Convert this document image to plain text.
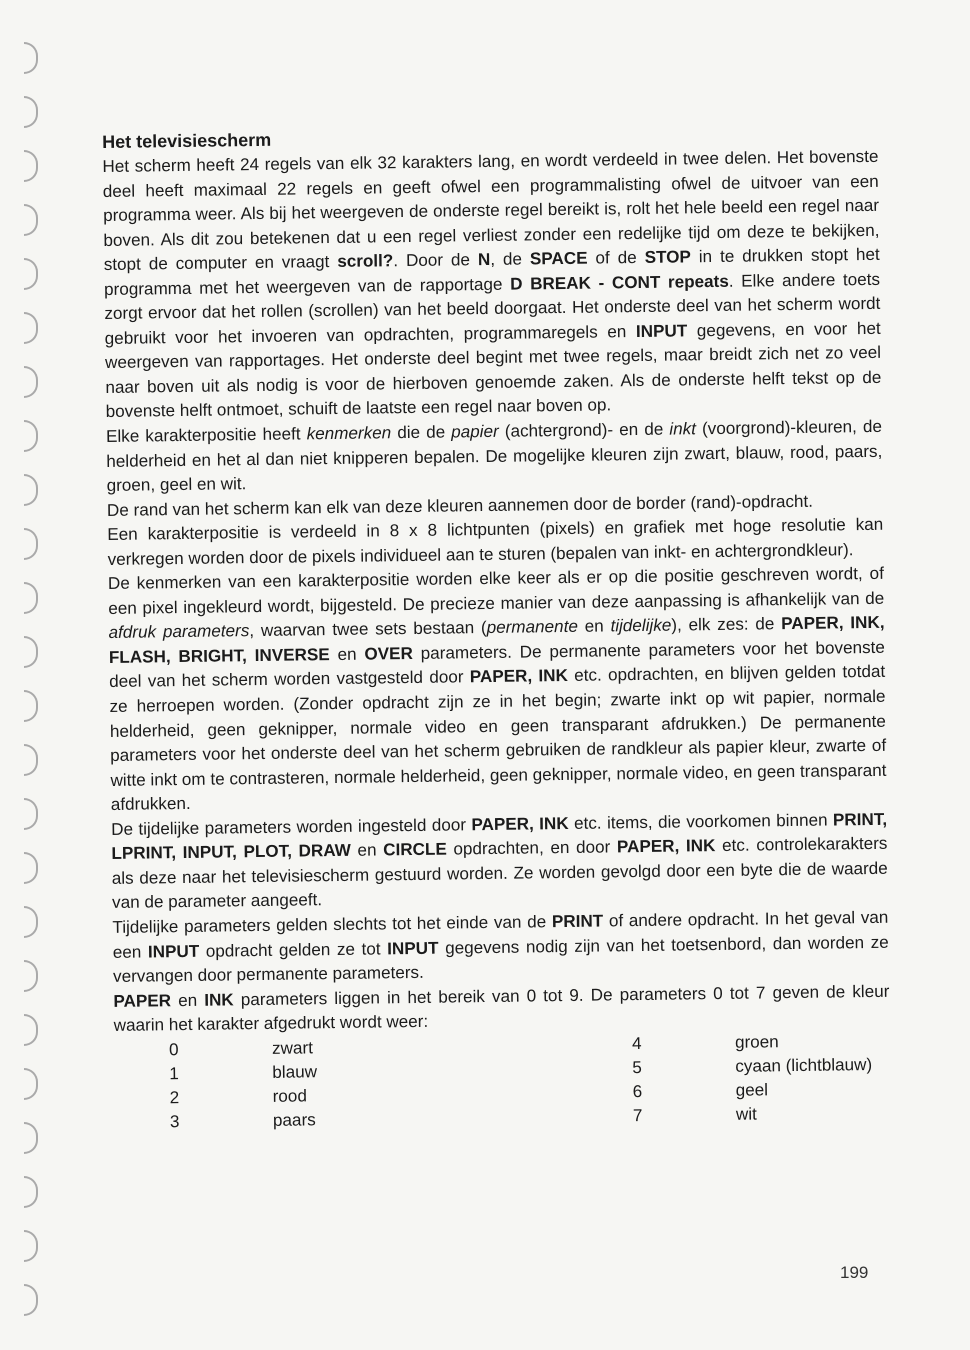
Het televisiescherm

Het scherm heeft 24 regels van elk 32 karakters lang, en wordt verdeeld in twee delen. Het bovenste deel heeft maximaal 22 regels en geeft ofwel een programmalisting ofwel de uitvoer van een programma weer. Als bij het weergeven de onderste regel bereikt is, rolt het hele beeld een regel naar boven. Als dit zou betekenen dat u een regel verliest zonder een redelijke tijd om deze te bekijken, stopt de computer en vraagt scroll?. Door de N, de SPACE of de STOP in te drukken stopt het programma met het weergeven van de rapportage D BREAK - CONT repeats. Elke andere toets zorgt ervoor dat het rollen (scrollen) van het beeld doorgaat. Het onderste deel van het scherm wordt gebruikt voor het invoeren van opdrachten, programmaregels en INPUT gegevens, en voor het weergeven van rapportages. Het onderste deel begint met twee regels, maar breidt zich net zo veel naar boven uit als nodig is voor de hierboven genoemde zaken. Als de onderste helft tekst op de bovenste helft ontmoet, schuift de laatste een regel naar boven op.

Elke karakterpositie heeft kenmerken die de papier (achtergrond)- en de inkt (voorgrond)-kleuren, de helderheid en het al dan niet knipperen bepalen. De mogelijke kleuren zijn zwart, blauw, rood, paars, groen, geel en wit.

De rand van het scherm kan elk van deze kleuren aannemen door de border (rand)-opdracht.

Een karakterpositie is verdeeld in 8 x 8 lichtpunten (pixels) en grafiek met hoge resolutie kan verkregen worden door de pixels individueel aan te sturen (bepalen van inkt- en achtergrondkleur).

De kenmerken van een karakterpositie worden elke keer als er op die positie geschreven wordt, of een pixel ingekleurd wordt, bijgesteld. De precieze manier van deze aanpassing is afhankelijk van de afdruk parameters, waarvan twee sets bestaan (permanente en tijdelijke), elk zes: de PAPER, INK, FLASH, BRIGHT, INVERSE en OVER parameters. De permanente parameters voor het bovenste deel van het scherm worden vastgesteld door PAPER, INK etc. opdrachten, en blijven gelden totdat ze herroepen worden. (Zonder opdracht zijn ze in het begin; zwarte inkt op wit papier, normale helderheid, geen geknipper, normale video en geen transparant afdrukken.) De permanente parameters voor het onderste deel van het scherm gebruiken de randkleur als papier kleur, zwarte of witte inkt om te contrasteren, normale helderheid, geen geknipper, normale video, en geen transparant afdrukken.

De tijdelijke parameters worden ingesteld door PAPER, INK etc. items, die voorkomen binnen PRINT, LPRINT, INPUT, PLOT, DRAW en CIRCLE opdrachten, en door PAPER, INK etc. controlekarakters als deze naar het televisiescherm gestuurd worden. Ze worden gevolgd door een byte die de waarde van de parameter aangeeft.

Tijdelijke parameters gelden slechts tot het einde van de PRINT of andere opdracht. In het geval van een INPUT opdracht gelden ze tot INPUT gegevens nodig zijn van het toetsenbord, dan worden ze vervangen door permanente parameters.

PAPER en INK parameters liggen in het bereik van 0 tot 9. De parameters 0 tot 7 geven de kleur waarin het karakter afgedrukt wordt weer:

0	zwart	4	groen
1	blauw	5	cyaan (lichtblauw)
2	rood	6	geel
3	paars	7	wit
199
